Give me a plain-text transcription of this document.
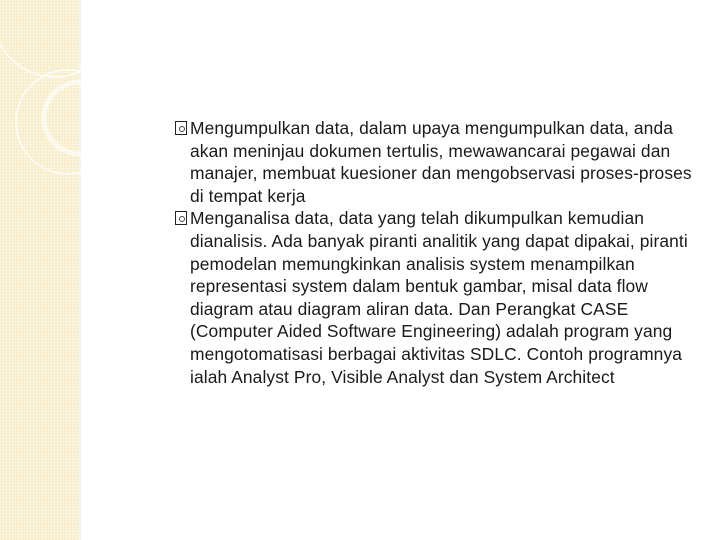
Mengumpulkan data, dalam upaya mengumpulkan data, anda akan meninjau dokumen tertulis, mewawancarai pegawai dan manajer, membuat kuesioner dan mengobservasi proses-proses di tempat kerja
Menganalisa data, data yang telah dikumpulkan kemudian dianalisis. Ada banyak piranti analitik yang dapat dipakai, piranti pemodelan memungkinkan analisis system menampilkan representasi system dalam bentuk gambar, misal data flow diagram atau diagram aliran data. Dan Perangkat CASE (Computer Aided Software Engineering) adalah program yang mengotomatisasi berbagai aktivitas SDLC. Contoh programnya ialah Analyst Pro, Visible Analyst dan System Architect
